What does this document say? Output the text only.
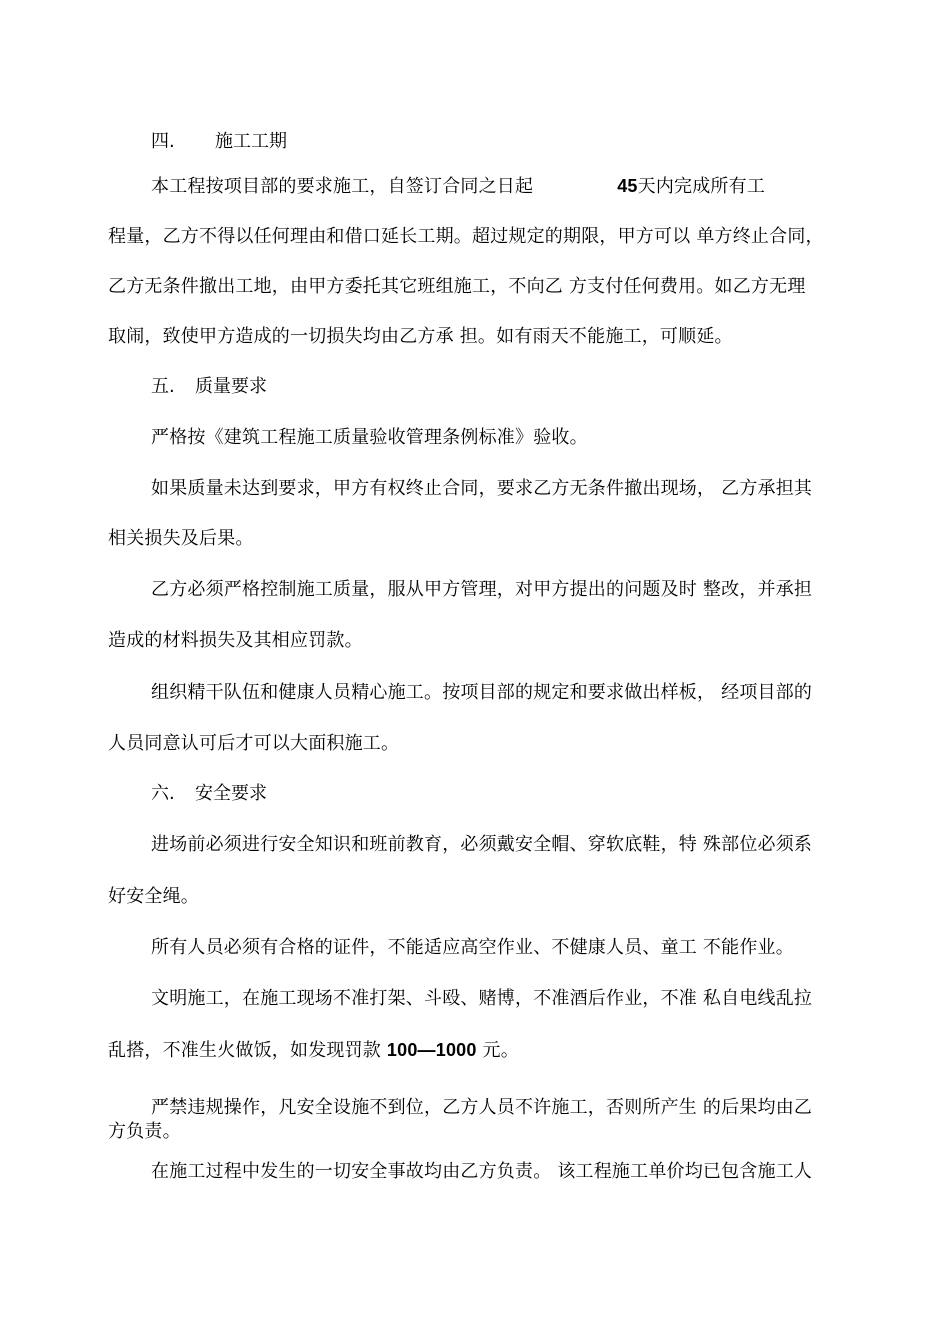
四. 施工工期
本工程按项目部的要求施工，自签订合同之日起	45天内完成所有工
程量，乙方不得以任何理由和借口延长工期。超过规定的期限，甲方可以 单方终止合同，
乙方无条件撤出工地，由甲方委托其它班组施工，不向乙 方支付任何费用。如乙方无理
取闹，致使甲方造成的一切损失均由乙方承 担。如有雨天不能施工，可顺延。
五. 质量要求
严格按《建筑工程施工质量验收管理条例标准》验收。
如果质量未达到要求，甲方有权终止合同，要求乙方无条件撤出现场， 乙方承担其
相关损失及后果。
乙方必须严格控制施工质量，服从甲方管理，对甲方提出的问题及时 整改，并承担
造成的材料损失及其相应罚款。
组织精干队伍和健康人员精心施工。按项目部的规定和要求做出样板， 经项目部的
人员同意认可后才可以大面积施工。
六. 安全要求
进场前必须进行安全知识和班前教育，必须戴安全帽、穿软底鞋，特 殊部位必须系
好安全绳。
所有人员必须有合格的证件，不能适应高空作业、不健康人员、童工 不能作业。
文明施工，在施工现场不准打架、斗殴、赌博，不准酒后作业，不准 私自电线乱拉
乱搭，不准生火做饭，如发现罚款 100—1000 元。
严禁违规操作，凡安全设施不到位，乙方人员不许施工，否则所产生 的后果均由乙
方负责。
在施工过程中发生的一切安全事故均由乙方负责。 该工程施工单价均已包含施工人
